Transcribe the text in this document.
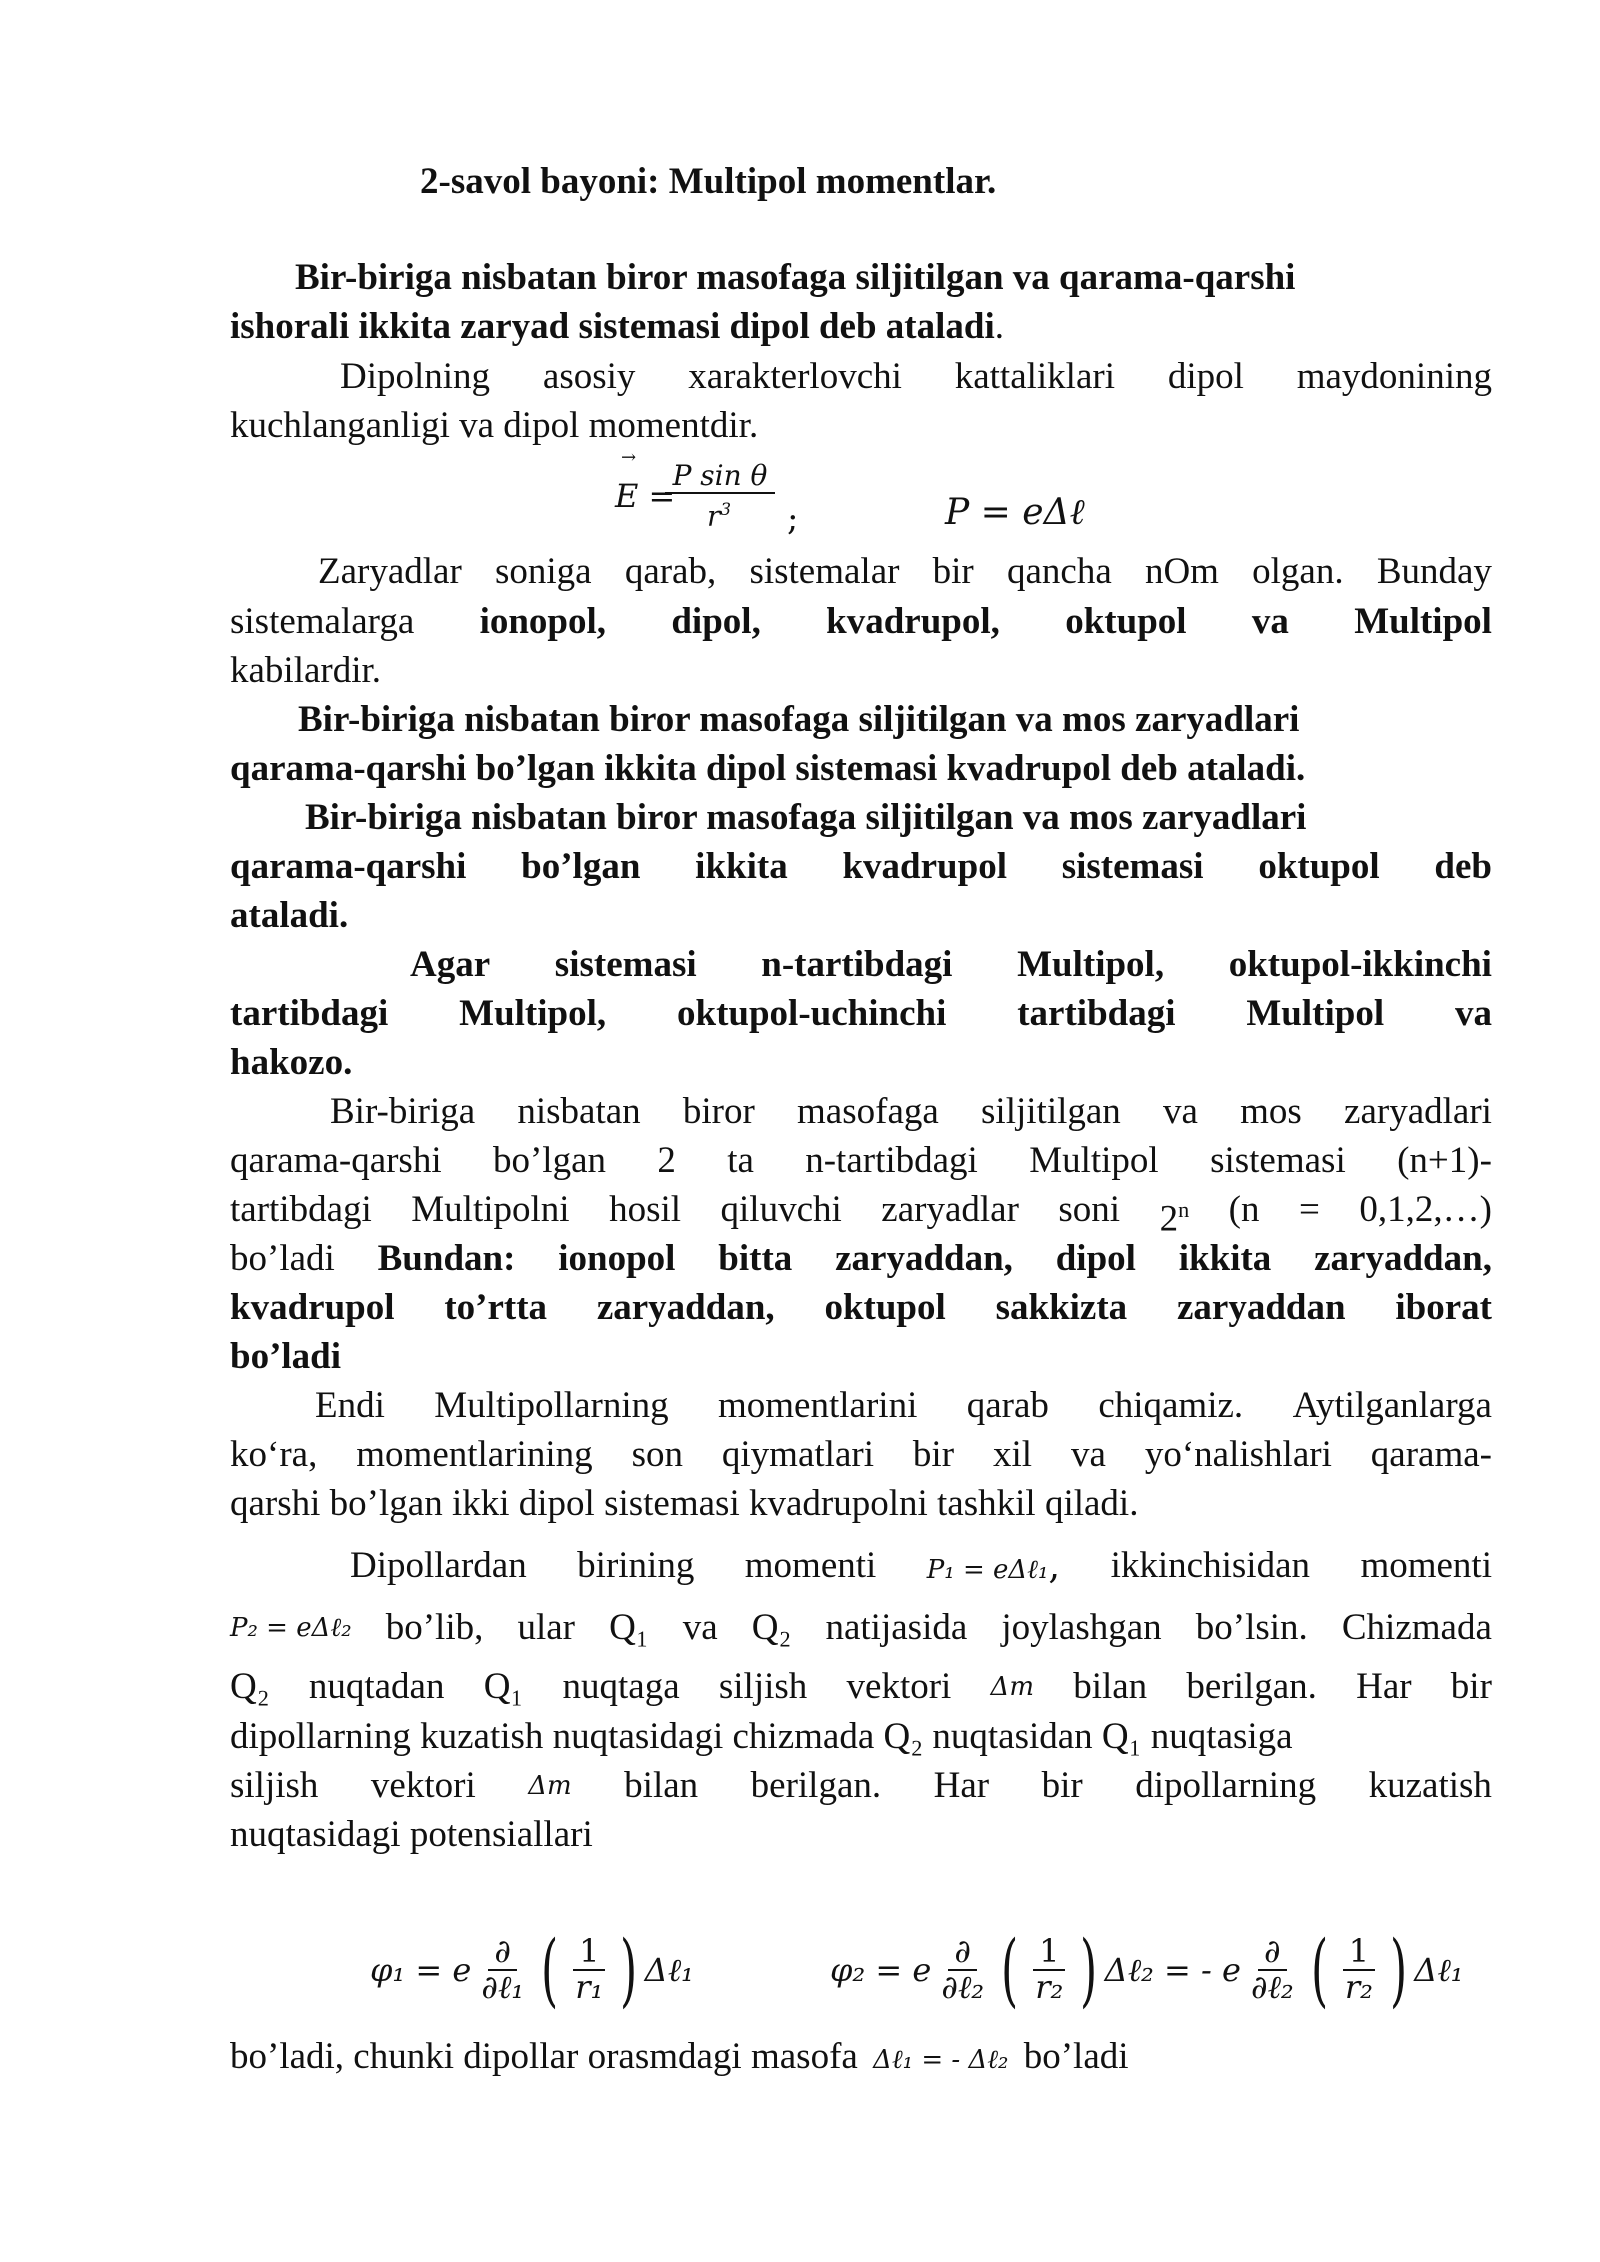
2-savol bayoni: Multipol momentlar.
Bir-biriga nisbatan biror masofaga siljitilgan va qarama-qarshi
ishorali ikkita zaryad sistemasi dipol deb ataladi.
Dipolning asosiy xarakterlovchi kattaliklari dipol maydonining
kuchlanganligi va dipol momentdir.
→
E =
P sin θ
$r^3$ ;	P = eΔℓ
Zaryadlar soniga qarab, sistemalar bir qancha nOm olgan. Bunday
sistemalarga ionopol, dipol, kvadrupol, oktupol va Multipol
kabilardir.
Bir-biriga nisbatan biror masofaga siljitilgan va mos zaryadlari
qarama-qarshi bo’lgan ikkita dipol sistemasi kvadrupol deb ataladi.
Bir-biriga nisbatan biror masofaga siljitilgan va mos zaryadlari
qarama-qarshi bo’lgan ikkita kvadrupol sistemasi oktupol deb
ataladi.
Agar sistemasi n-tartibdagi Multipol, oktupol-ikkinchi
tartibdagi Multipol, oktupol-uchinchi tartibdagi Multipol va
hakozo.
Bir-biriga nisbatan biror masofaga siljitilgan va mos zaryadlari
qarama-qarshi bo’lgan 2 ta n-tartibdagi Multipol sistemasi (n+1)-
tartibdagi Multipolni hosil qiluvchi zaryadlar soni 2$^n$ (n = 0,1,2,…)
bo’ladi Bundan: ionopol bitta zaryaddan, dipol ikkita zaryaddan,
kvadrupol to’rtta zaryaddan, oktupol sakkizta zaryaddan iborat
bo’ladi
Endi Multipollarning momentlarini qarab chiqamiz. Aytilganlarga
ko‘ra, momentlarining son qiymatlari bir xil va yo‘nalishlari qarama-
qarshi bo’lgan ikki dipol sistemasi kvadrupolni tashkil qiladi.
Dipollardan birining momenti P₁ = eΔℓ₁, ikkinchisidan momenti
P₂ = eΔℓ₂ bo’lib, ular Q₁ va Q₂ natijasida joylashgan bo’lsin. Chizmada
Q₂ nuqtadan Q₁ nuqtaga siljish vektori Δm bilan berilgan. Har bir
dipollarning kuzatish nuqtasidagi chizmada Q₂ nuqtasidan Q₁ nuqtasiga
siljish vektori Δm bilan berilgan. Har bir dipollarning kuzatish
nuqtasidagi potensiallari
φ₁ = e $\frac{\partial}{\text{∂ℓ₁}}$ ( $\frac{1}{\text{r₁}}$ ) Δℓ₁	φ₂ = e $\frac{\partial}{\text{∂ℓ₂}}$ ( $\frac{1}{\text{r₂}}$ ) Δℓ₂ = - e $\frac{\partial}{\text{∂ℓ₂}}$ ( $\frac{1}{\text{r₂}}$ ) Δℓ₁
bo’ladi, chunki dipollar orasmdagi masofa Δℓ₁ = - Δℓ₂ bo’ladi
